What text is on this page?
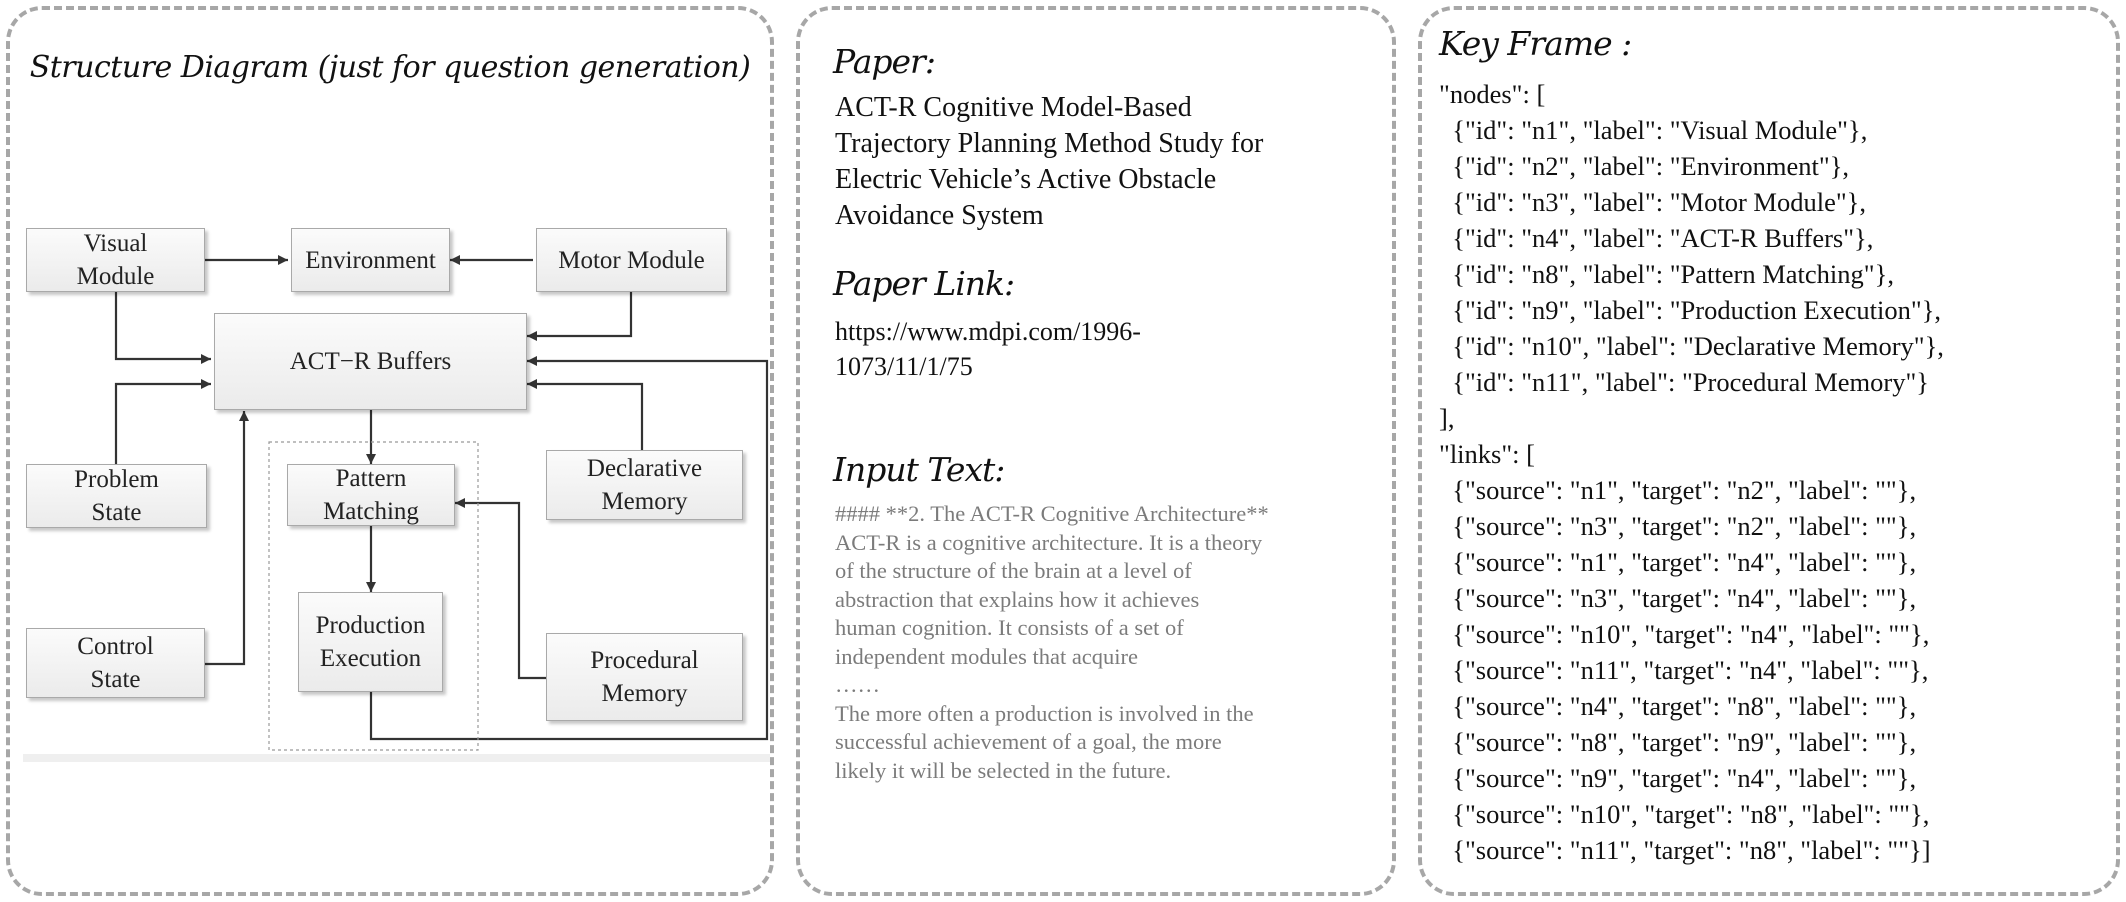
Structure Diagram (just for question generation)
Visual
Module
Environment	Motor Module
ACT−R Buffers
Problem
State
Pattern
Matching
Declarative
Memory
Control
State
Production
Execution	Procedural
Memory
Paper:
ACT-R Cognitive Model-Based
Trajectory Planning Method Study for
Electric Vehicle’s Active Obstacle
Avoidance System
Paper Link:
https://www.mdpi.com/1996-
1073/11/1/75
Input Text:
#### **2. The ACT-R Cognitive Architecture**
ACT-R is a cognitive architecture. It is a theory
of the structure of the brain at a level of
abstraction that explains how it achieves
human cognition. It consists of a set of
independent modules that acquire
……
The more often a production is involved in the
successful achievement of a goal, the more
likely it will be selected in the future.
Key Frame :
"nodes": [
{"id": "n1", "label": "Visual Module"},
{"id": "n2", "label": "Environment"},
{"id": "n3", "label": "Motor Module"},
{"id": "n4", "label": "ACT-R Buffers"},
{"id": "n8", "label": "Pattern Matching"},
{"id": "n9", "label": "Production Execution"},
{"id": "n10", "label": "Declarative Memory"},
{"id": "n11", "label": "Procedural Memory"}
],
"links": [
{"source": "n1", "target": "n2", "label": ""},
{"source": "n3", "target": "n2", "label": ""},
{"source": "n1", "target": "n4", "label": ""},
{"source": "n3", "target": "n4", "label": ""},
{"source": "n10", "target": "n4", "label": ""},
{"source": "n11", "target": "n4", "label": ""},
{"source": "n4", "target": "n8", "label": ""},
{"source": "n8", "target": "n9", "label": ""},
{"source": "n9", "target": "n4", "label": ""},
{"source": "n10", "target": "n8", "label": ""},
{"source": "n11", "target": "n8", "label": ""}]
